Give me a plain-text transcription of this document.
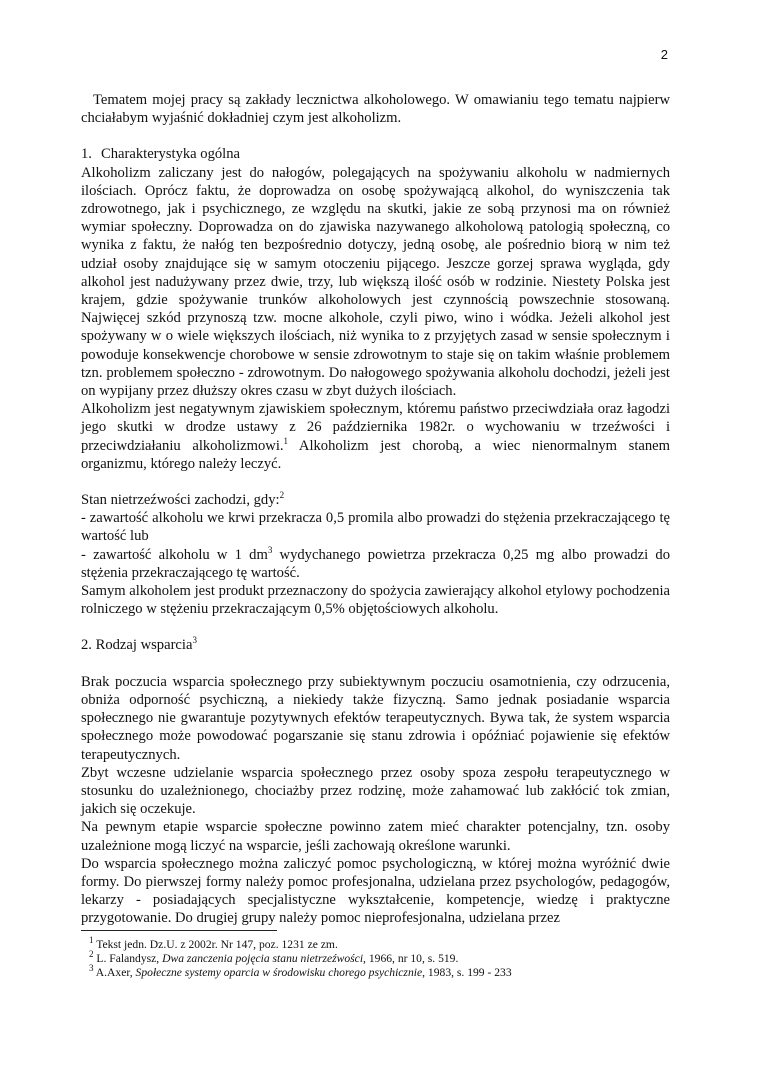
2

Tematem mojej pracy są zakłady lecznictwa alkoholowego. W omawianiu tego tematu najpierw chciałabym wyjaśnić dokładniej czym jest alkoholizm.

1. Charakterystyka ogólna

Alkoholizm zaliczany jest do nałogów, polegających na spożywaniu alkoholu w nadmiernych ilościach. Oprócz faktu, że doprowadza on osobę spożywającą alkohol, do wyniszczenia tak zdrowotnego, jak i psychicznego, ze względu na skutki, jakie ze sobą przynosi ma on również wymiar społeczny. Doprowadza on do zjawiska nazywanego alkoholową patologią społeczną, co wynika z faktu, że nałóg ten bezpośrednio dotyczy, jedną osobę, ale pośrednio biorą w nim też udział osoby znajdujące się w samym otoczeniu pijącego. Jeszcze gorzej sprawa wygląda, gdy alkohol jest nadużywany przez dwie, trzy, lub większą ilość osób w rodzinie. Niestety Polska jest krajem, gdzie spożywanie trunków alkoholowych jest czynnością powszechnie stosowaną. Najwięcej szkód przynoszą tzw. mocne alkohole, czyli piwo, wino i wódka. Jeżeli alkohol jest spożywany w o wiele większych ilościach, niż wynika to z przyjętych zasad w sensie społecznym i powoduje konsekwencje chorobowe w sensie zdrowotnym to staje się on takim właśnie problemem tzn. problemem społeczno - zdrowotnym. Do nałogowego spożywania alkoholu dochodzi, jeżeli jest on wypijany przez dłuższy okres czasu w zbyt dużych ilościach.

Alkoholizm jest negatywnym zjawiskiem społecznym, któremu państwo przeciwdziała oraz łagodzi jego skutki w drodze ustawy z 26 października 1982r. o wychowaniu w trzeźwości i przeciwdziałaniu alkoholizmowi.$^1$ Alkoholizm jest chorobą, a wiec nienormalnym stanem organizmu, którego należy leczyć.

Stan nietrzeźwości zachodzi, gdy:$^2$

- zawartość alkoholu we krwi przekracza 0,5 promila albo prowadzi do stężenia przekraczającego tę wartość lub

- zawartość alkoholu w 1 $dm^3$ wydychanego powietrza przekracza 0,25 mg albo prowadzi do stężenia przekraczającego tę wartość.

Samym alkoholem jest produkt przeznaczony do spożycia zawierający alkohol etylowy pochodzenia rolniczego w stężeniu przekraczającym 0,5% objętościowych alkoholu.

2. Rodzaj wsparcia$^3$

Brak poczucia wsparcia społecznego przy subiektywnym poczuciu osamotnienia, czy odrzucenia, obniża odporność psychiczną, a niekiedy także fizyczną. Samo jednak posiadanie wsparcia społecznego nie gwarantuje pozytywnych efektów terapeutycznych. Bywa tak, że system wsparcia społecznego może powodować pogarszanie się stanu zdrowia i opóźniać pojawienie się efektów terapeutycznych.

Zbyt wczesne udzielanie wsparcia społecznego przez osoby spoza zespołu terapeutycznego w stosunku do uzależnionego, chociażby przez rodzinę, może zahamować lub zakłócić tok zmian, jakich się oczekuje.

Na pewnym etapie wsparcie społeczne powinno zatem mieć charakter potencjalny, tzn. osoby uzależnione mogą liczyć na wsparcie, jeśli zachowają określone warunki.

Do wsparcia społecznego można zaliczyć pomoc psychologiczną, w której można wyróżnić dwie formy. Do pierwszej formy należy pomoc profesjonalna, udzielana przez psychologów, pedagogów, lekarzy - posiadających specjalistyczne wykształcenie, kompetencje, wiedzę i praktyczne przygotowanie. Do drugiej grupy należy pomoc nieprofesjonalna, udzielana przez

$^1$ Tekst jedn. Dz.U. z 2002r. Nr 147, poz. 1231 ze zm.

$^2$ L. Falandysz, Dwa zanczenia pojęcia stanu nietrzeźwości, 1966, nr 10, s. 519.

$^3$ A.Axer, Społeczne systemy oparcia w środowisku chorego psychicznie, 1983, s. 199 - 233
